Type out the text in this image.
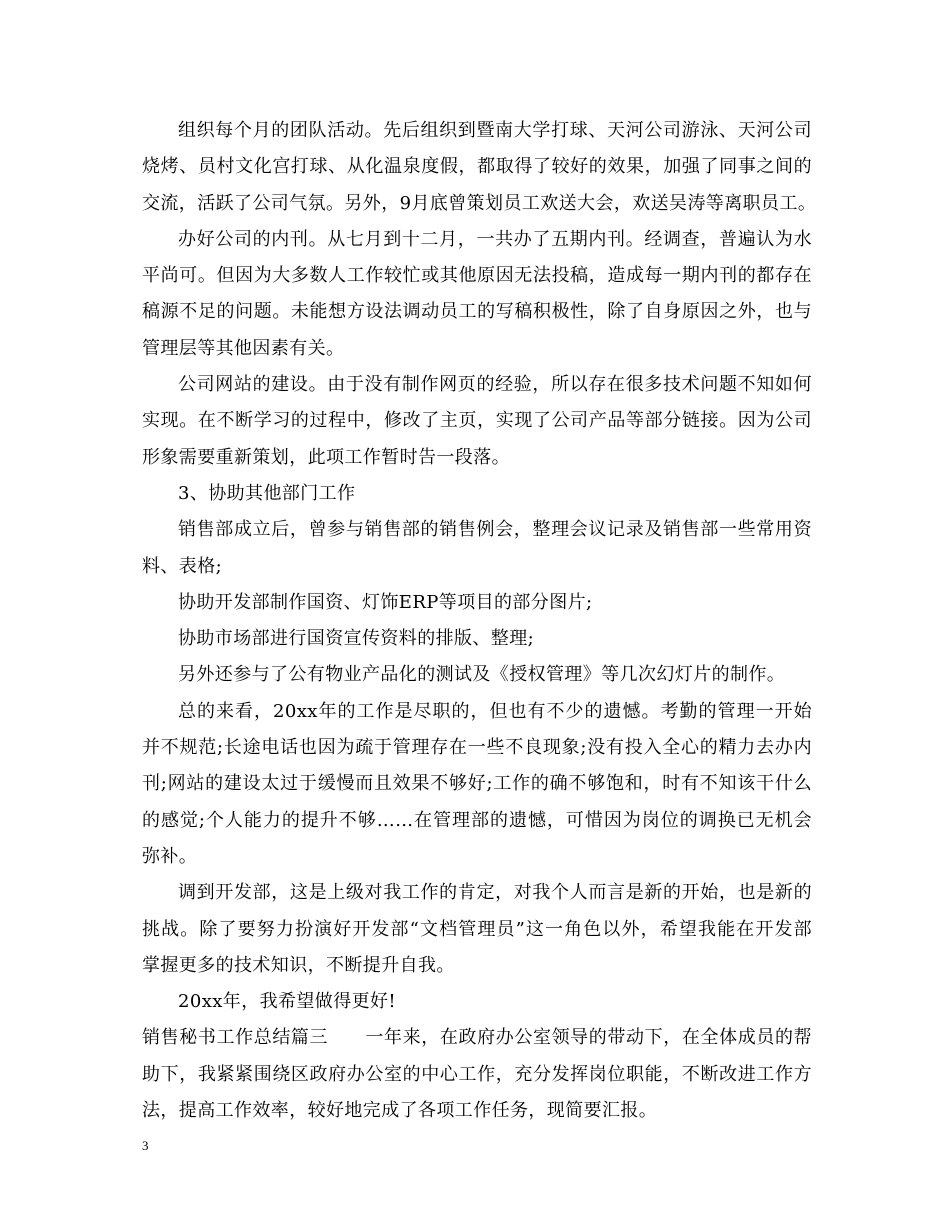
组织每个月的团队活动。先后组织到暨南大学打球、天河公司游泳、天河公司
烧烤、员村文化宫打球、从化温泉度假，都取得了较好的效果，加强了同事之间的
交流，活跃了公司气氛。另外，9月底曾策划员工欢送大会，欢送吴涛等离职员工。
办好公司的内刊。从七月到十二月，一共办了五期内刊。经调查，普遍认为水
平尚可。但因为大多数人工作较忙或其他原因无法投稿，造成每一期内刊的都存在
稿源不足的问题。未能想方设法调动员工的写稿积极性，除了自身原因之外，也与
管理层等其他因素有关。
公司网站的建设。由于没有制作网页的经验，所以存在很多技术问题不知如何
实现。在不断学习的过程中，修改了主页，实现了公司产品等部分链接。因为公司
形象需要重新策划，此项工作暂时告一段落。
3、协助其他部门工作
销售部成立后，曾参与销售部的销售例会，整理会议记录及销售部一些常用资
料、表格;
协助开发部制作国资、灯饰ERP等项目的部分图片;
协助市场部进行国资宣传资料的排版、整理;
另外还参与了公有物业产品化的测试及《授权管理》等几次幻灯片的制作。
总的来看，20xx年的工作是尽职的，但也有不少的遗憾。考勤的管理一开始
并不规范;长途电话也因为疏于管理存在一些不良现象;没有投入全心的精力去办内
刊;网站的建设太过于缓慢而且效果不够好;工作的确不够饱和，时有不知该干什么
的感觉;个人能力的提升不够……在管理部的遗憾，可惜因为岗位的调换已无机会
弥补。
调到开发部，这是上级对我工作的肯定，对我个人而言是新的开始，也是新的
挑战。除了要努力扮演好开发部“文档管理员”这一角色以外，希望我能在开发部
掌握更多的技术知识，不断提升自我。
20xx年，我希望做得更好!
销售秘书工作总结篇三　　一年来，在政府办公室领导的带动下，在全体成员的帮
助下，我紧紧围绕区政府办公室的中心工作，充分发挥岗位职能，不断改进工作方
法，提高工作效率，较好地完成了各项工作任务，现简要汇报。
3
